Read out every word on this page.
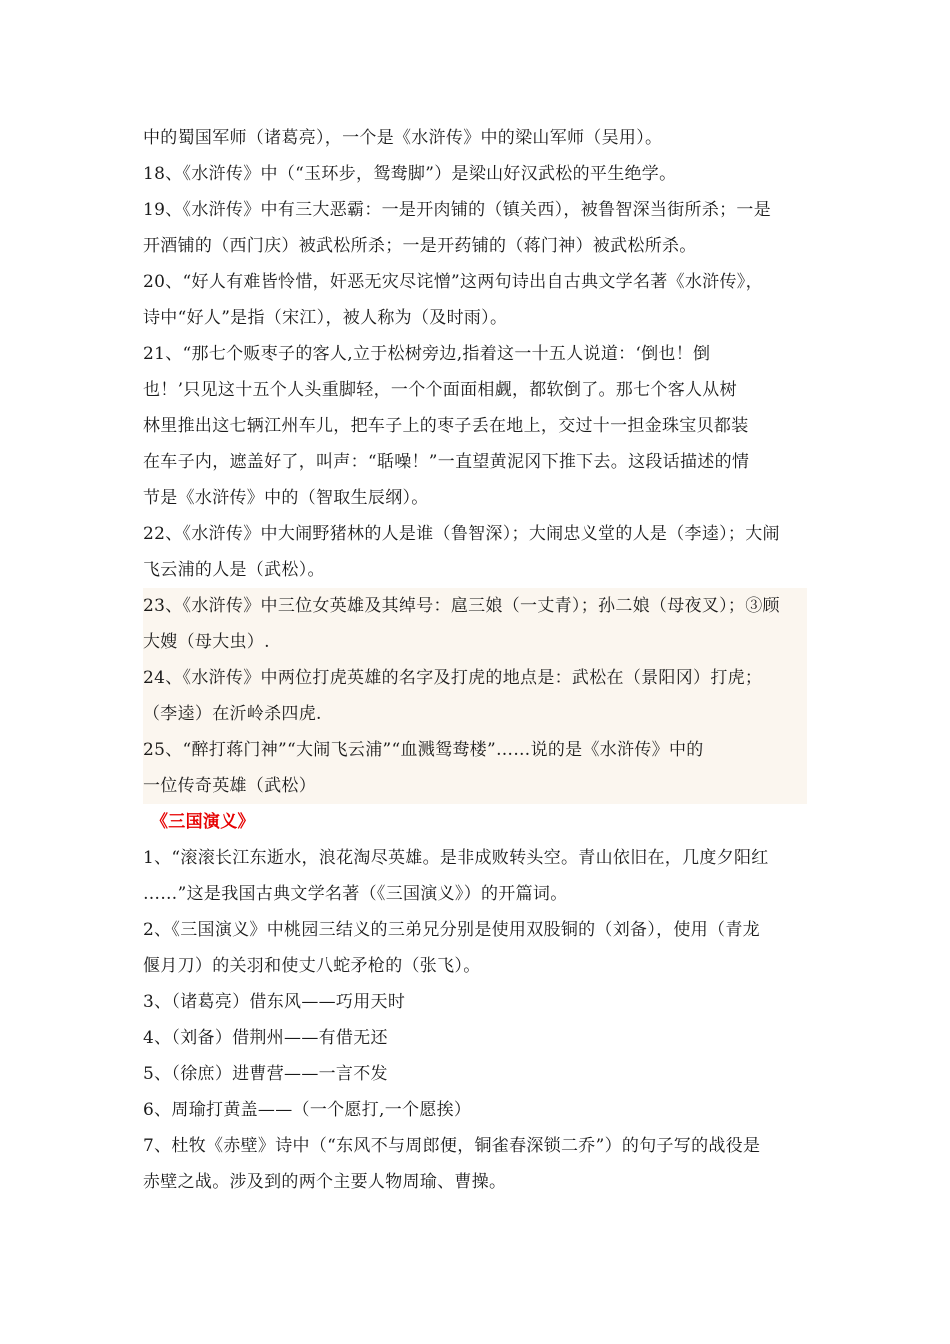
中的蜀国军师（诸葛亮），一个是《水浒传》中的梁山军师（吴用）。
18、《水浒传》中（“玉环步，鸳鸯脚”）是梁山好汉武松的平生绝学。
19、《水浒传》中有三大恶霸：一是开肉铺的（镇关西），被鲁智深当街所杀；一是
开酒铺的（西门庆）被武松所杀；一是开药铺的（蒋门神）被武松所杀。
20、“好人有难皆怜惜，奸恶无灾尽诧憎”这两句诗出自古典文学名著《水浒传》，
诗中“好人”是指（宋江），被人称为（及时雨）。
21、“那七个贩枣子的客人,立于松树旁边,指着这一十五人说道：‘倒也！倒
也！’只见这十五个人头重脚轻，一个个面面相觑，都软倒了。那七个客人从树
林里推出这七辆江州车儿，把车子上的枣子丢在地上，交过十一担金珠宝贝都装
在车子内，遮盖好了，叫声：“聒噪！”一直望黄泥冈下推下去。这段话描述的情
节是《水浒传》中的（智取生辰纲）。
22、《水浒传》中大闹野猪林的人是谁（鲁智深）；大闹忠义堂的人是（李逵）；大闹
飞云浦的人是（武松）。
23、《水浒传》中三位女英雄及其绰号：扈三娘（一丈青）；孙二娘（母夜叉）；③顾
大嫂（母大虫）.
24、《水浒传》中两位打虎英雄的名字及打虎的地点是：武松在（景阳冈）打虎；
（李逵）在沂岭杀四虎.
25、“醉打蒋门神”“大闹飞云浦”“血溅鸳鸯楼”……说的是《水浒传》中的
一位传奇英雄（武松）
《三国演义》
1、“滚滚长江东逝水，浪花淘尽英雄。是非成败转头空。青山依旧在，几度夕阳红
……”这是我国古典文学名著（《三国演义》）的开篇词。
2、《三国演义》中桃园三结义的三弟兄分别是使用双股铜的（刘备），使用（青龙
偃月刀）的关羽和使丈八蛇矛枪的（张飞）。
3、（诸葛亮）借东风——巧用天时
4、（刘备）借荆州——有借无还
5、（徐庶）进曹营——一言不发
6、周瑜打黄盖——（一个愿打,一个愿挨）
7、杜牧《赤壁》诗中（“东风不与周郎便，铜雀春深锁二乔”）的句子写的战役是
赤壁之战。涉及到的两个主要人物周瑜、曹操。
